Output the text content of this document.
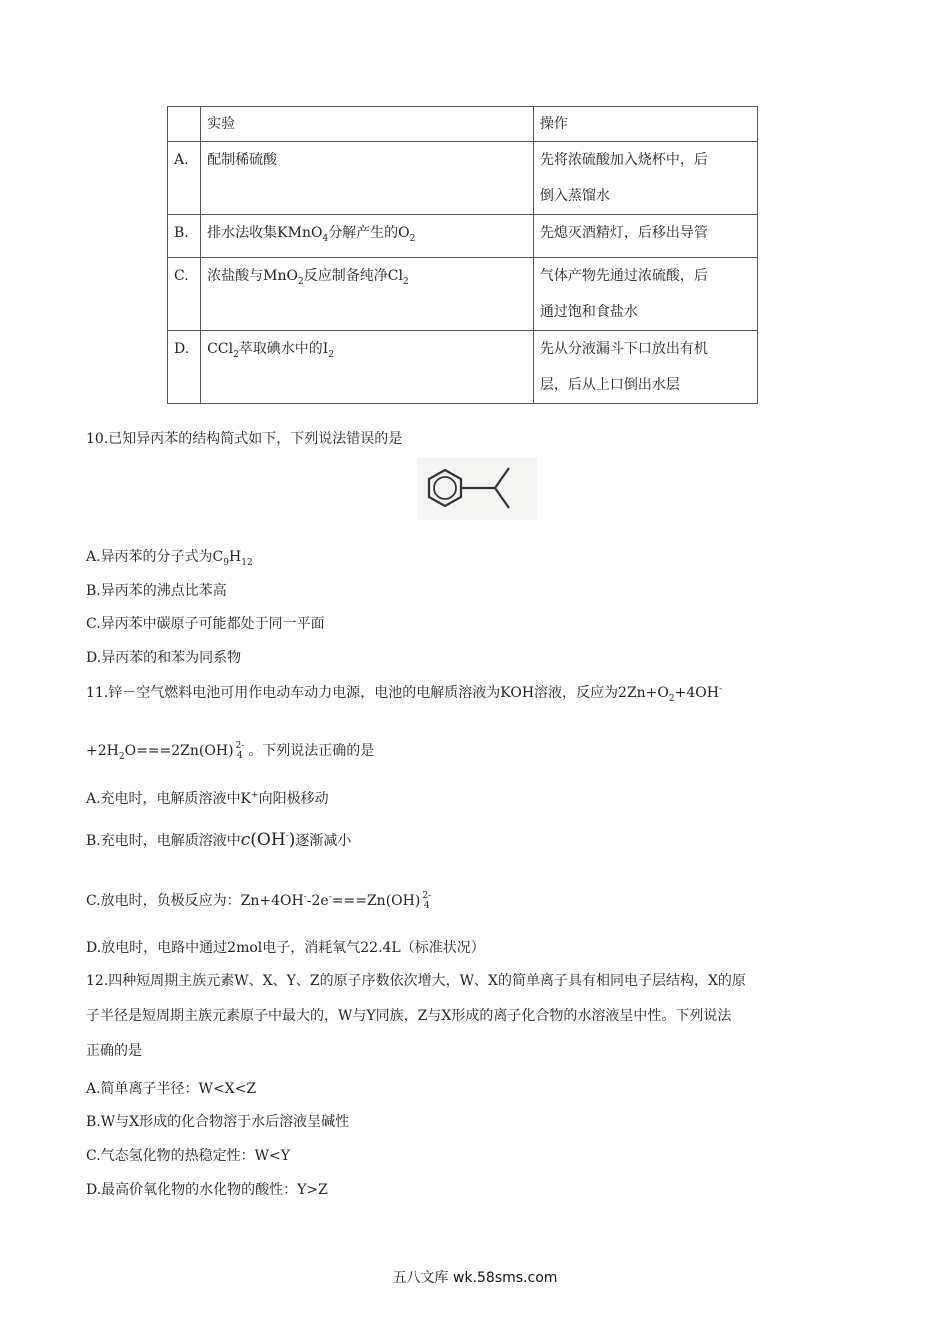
	实验	操作
A.	配制稀硫酸	先将浓硫酸加入烧杯中，后
倒入蒸馏水
B.	排水法收集KMnO$_4$分解产生的$O_2$	先熄灭酒精灯，后移出导管
C.	浓盐酸与MnO$_2$反应制备纯净$Cl_2$	气体产物先通过浓硫酸，后
通过饱和食盐水
D.	CCl$_2$萃取碘水中的$I_2$	先从分液漏斗下口放出有机
层，后从上口倒出水层
10.已知异丙苯的结构简式如下，下列说法错误的是
A.异丙苯的分子式为$C_9H_{12}$
B.异丙苯的沸点比苯高
C.异丙苯中碳原子可能都处于同一平面
D.异丙苯的和苯为同系物
11.锌－空气燃料电池可用作电动车动力电源，电池的电解质溶液为KOH溶液，反应为$2Zn+O_2+4OH^-$
$+2H_2O===2Zn(OH)$ 2-
4 。下列说法正确的是
A.充电时，电解质溶液中K+向阳极移动
B.充电时，电解质溶液中c(OH-)逐渐减小
C.放电时，负极反应为：Zn+4OH--2e-===Zn(OH) 2-
4
D.放电时，电路中通过2mol电子，消耗氧气22.4L（标准状况）
12.四种短周期主族元素W、X、Y、Z的原子序数依次增大，W、X的简单离子具有相同电子层结构，X的原
子半径是短周期主族元素原子中最大的，W与Y同族，Z与X形成的离子化合物的水溶液呈中性。下列说法
正确的是
A.简单离子半径：W<X<Z
B.W与X形成的化合物溶于水后溶液呈碱性
C.气态氢化物的热稳定性：W<Y
D.最高价氧化物的水化物的酸性：Y>Z
五八文库 wk.58sms.com
